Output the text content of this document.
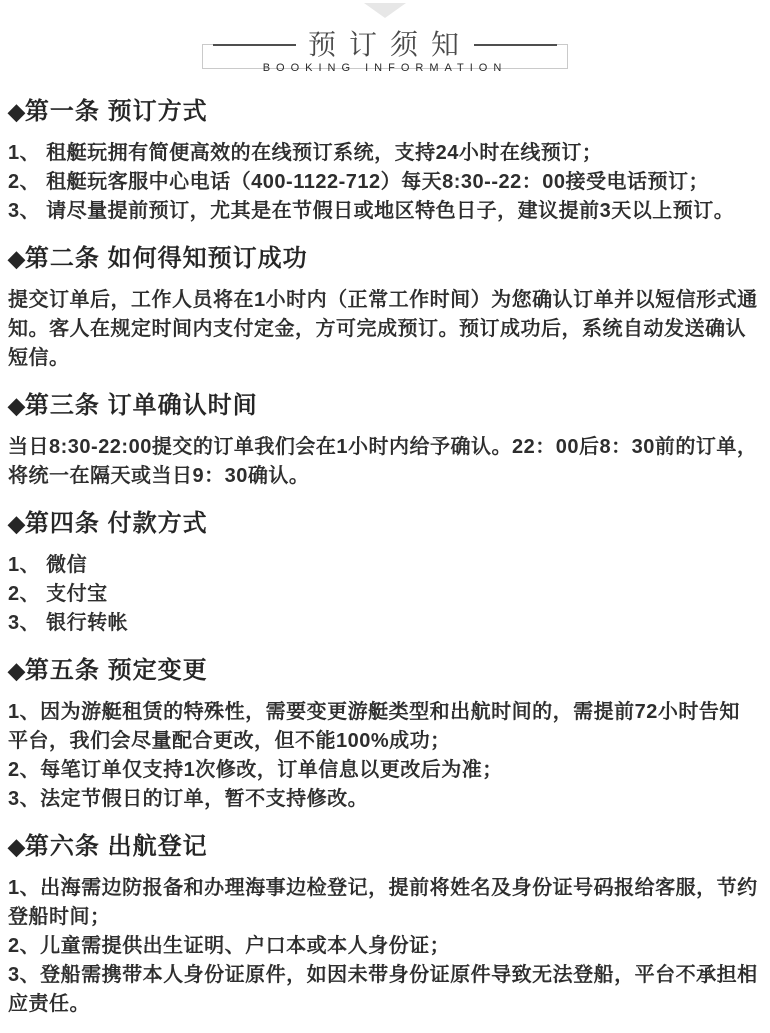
预订须知
BOOKING INFORMATION
◆第一条 预订方式

1、 租艇玩拥有简便高效的在线预订系统，支持24小时在线预订；

2、 租艇玩客服中心电话（400-1122-712）每天8:30--22：00接受电话预订；

3、 请尽量提前预订，尤其是在节假日或地区特色日子，建议提前3天以上预订。

◆第二条 如何得知预订成功

提交订单后，工作人员将在1小时内（正常工作时间）为您确认订单并以短信形式通知。客人在规定时间内支付定金，方可完成预订。预订成功后，系统自动发送确认短信。

◆第三条 订单确认时间

当日8:30-22:00提交的订单我们会在1小时内给予确认。22：00后8：30前的订单，将统一在隔天或当日9：30确认。

◆第四条 付款方式

1、 微信

2、 支付宝

3、 银行转帐

◆第五条 预定变更

1、因为游艇租赁的特殊性，需要变更游艇类型和出航时间的，需提前72小时告知平台，我们会尽量配合更改，但不能100%成功；

2、每笔订单仅支持1次修改，订单信息以更改后为准；

3、法定节假日的订单，暂不支持修改。

◆第六条 出航登记

1、出海需边防报备和办理海事边检登记，提前将姓名及身份证号码报给客服，节约登船时间；

2、儿童需提供出生证明、户口本或本人身份证；

3、登船需携带本人身份证原件，如因未带身份证原件导致无法登船，平台不承担相应责任。
